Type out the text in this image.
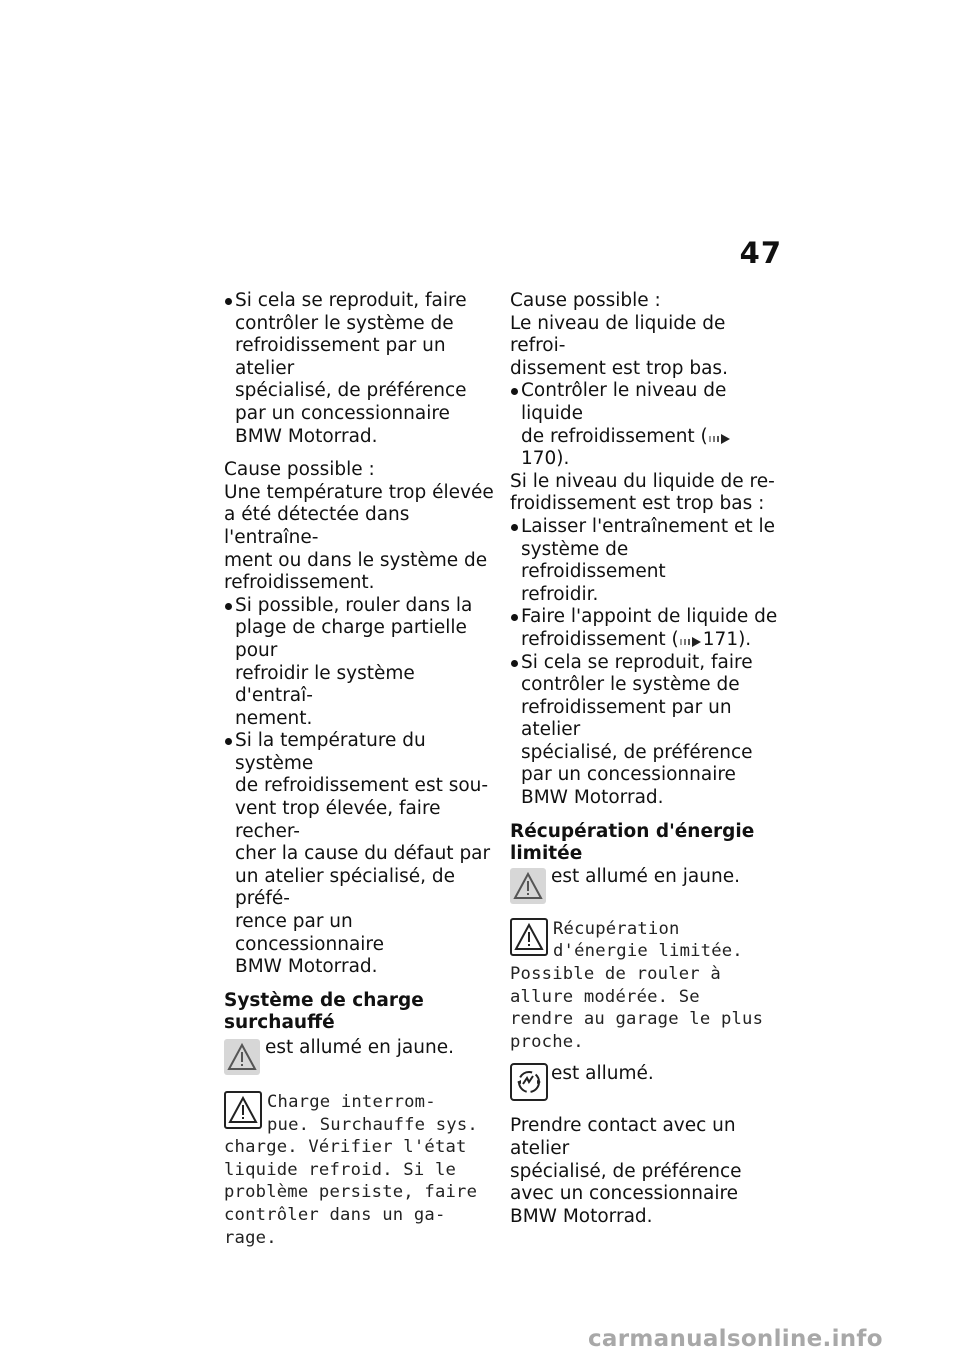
47
Si cela se reproduit, faire
contrôler le système de
refroidissement par un atelier
spécialisé, de préférence
par un concessionnaire
BMW Motorrad.

Cause possible :

Une température trop élevée

a été détectée dans l'entraîne-

ment ou dans le système de

refroidissement.

Si possible, rouler dans la
plage de charge partielle pour
refroidir le système d'entraî-
nement.
Si la température du système
de refroidissement est sou-
vent trop élevée, faire recher-
cher la cause du défaut par
un atelier spécialisé, de préfé-
rence par un concessionnaire
BMW Motorrad.

Système de charge surchauffé

est allumé en jaune.

Charge interrom-

pue. Surchauffe sys.

charge. Vérifier l'état

liquide refroid. Si le

problème persiste, faire

contrôler dans un ga-

rage.

Cause possible :

Le niveau de liquide de refroi-

dissement est trop bas.

Contrôler le niveau de liquide
de refroidissement (170).

Si le niveau du liquide de re-

froidissement est trop bas :

Laisser l'entraînement et le
système de refroidissement
refroidir.
Faire l'appoint de liquide de
refroidissement ( 171).
Si cela se reproduit, faire
contrôler le système de
refroidissement par un atelier
spécialisé, de préférence
par un concessionnaire
BMW Motorrad.

Récupération d'énergie

limitée

est allumé en jaune.

Récupération

d'énergie limitée.

Possible de rouler à

allure modérée. Se

rendre au garage le plus

proche.

est allumé.

Prendre contact avec un atelier

spécialisé, de préférence

avec un concessionnaire

BMW Motorrad.

carmanualsonline.info
